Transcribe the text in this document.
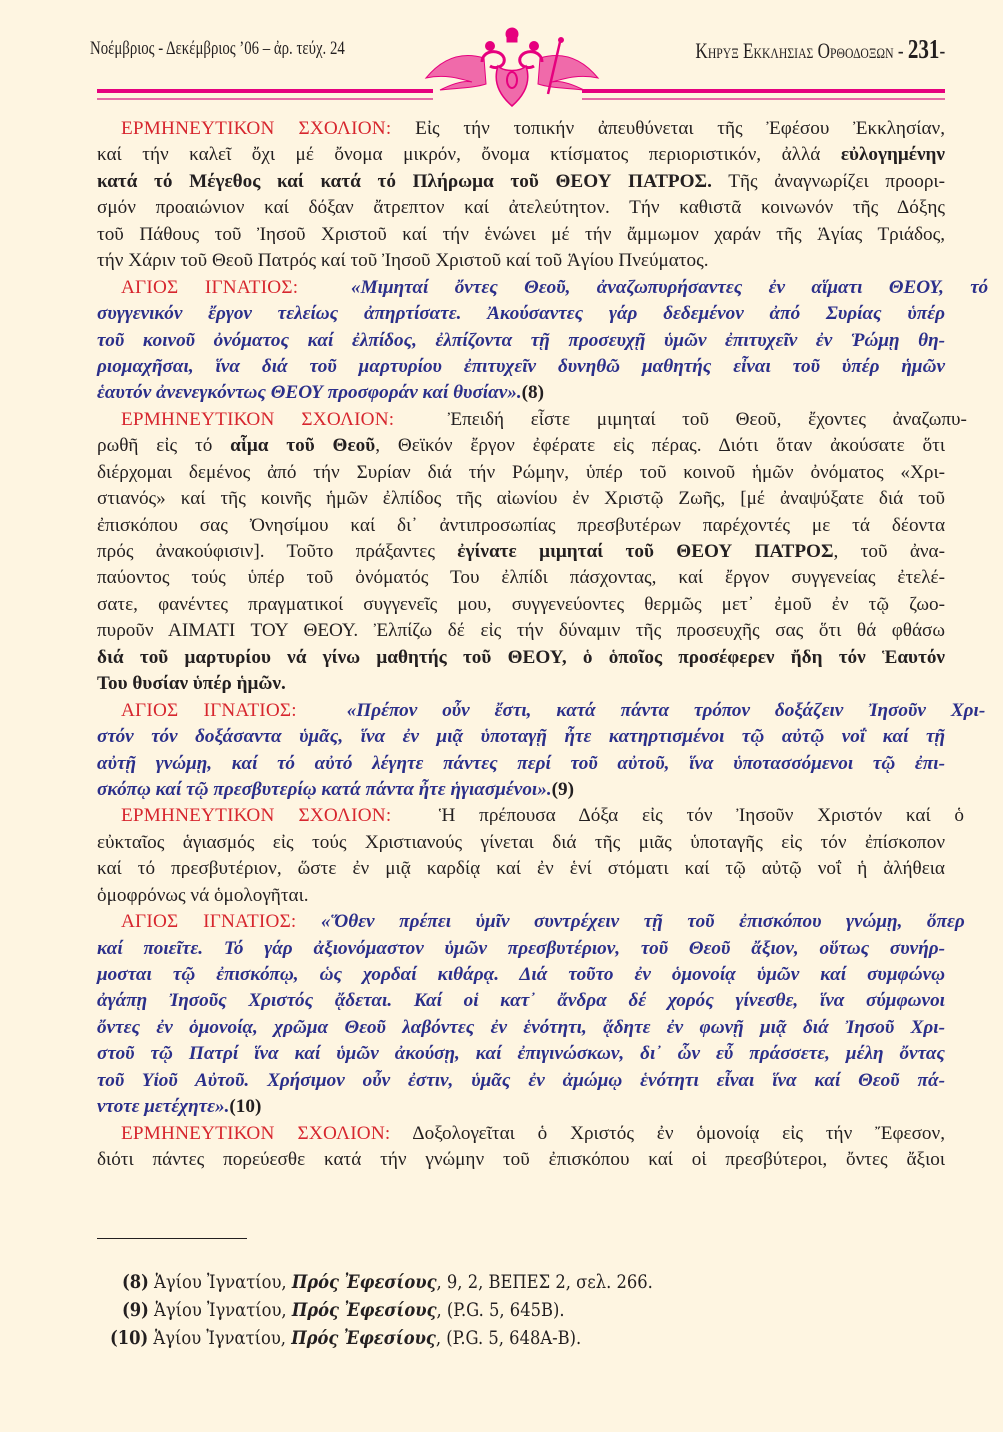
Νοέμβριος - Δεκέμβριος ’06 – ἀρ. τεύχ. 24	Κηρυξ Εκκλησιας Ορθοδοξων - 231-
ΕΡΜΗΝΕΥΤΙΚΟΝ ΣΧΟΛΙΟΝ: Εἰς τήν τοπικήν ἀπευθύνεται τῆς Ἐφέσου Ἐκκλησίαν,
καί τήν καλεῖ ὄχι μέ ὄνομα μικρόν, ὄνομα κτίσματος περιοριστικόν, ἀλλά εὐλογημένην
κατά τό Μέγεθος καί κατά τό Πλήρωμα τοῦ ΘΕΟΥ ΠΑΤΡΟΣ. Τῆς ἀναγνωρίζει προορι-
σμόν προαιώνιον καί δόξαν ἄτρεπτον καί ἀτελεύτητον. Τήν καθιστᾶ κοινωνόν τῆς Δόξης
τοῦ Πάθους τοῦ Ἰησοῦ Χριστοῦ καί τήν ἑνώνει μέ τήν ἄμμωμον χαράν τῆς Ἁγίας Τριάδος,
τήν Χάριν τοῦ Θεοῦ Πατρός καί τοῦ Ἰησοῦ Χριστοῦ καί τοῦ Ἁγίου Πνεύματος.
ΑΓΙΟΣ ΙΓΝΑΤΙΟΣ:	«Μιμηταί ὄντες Θεοῦ, ἀναζωπυρήσαντες ἐν αἵματι ΘΕΟΥ, τό
συγγενικόν ἔργον τελείως ἀπηρτίσατε. Ἀκούσαντες γάρ δεδεμένον ἀπό Συρίας ὑπέρ
τοῦ κοινοῦ ὀνόματος καί ἐλπίδος, ἐλπίζοντα τῇ προσευχῇ ὑμῶν ἐπιτυχεῖν ἐν Ῥώμῃ θη-
ριομαχῆσαι, ἵνα διά τοῦ μαρτυρίου ἐπιτυχεῖν δυνηθῶ μαθητής εἶναι τοῦ ὑπέρ ἡμῶν
ἑαυτόν ἀνενεγκόντως ΘΕΟΥ προσφοράν καί θυσίαν».(8)
ΕΡΜΗΝΕΥΤΙΚΟΝ ΣΧΟΛΙΟΝ:  Ἐπειδή εἶστε μιμηταί τοῦ Θεοῦ, ἔχοντες ἀναζωπυ-
ρωθῆ εἰς τό αἷμα τοῦ Θεοῦ, Θεϊκόν ἔργον ἐφέρατε εἰς πέρας. Διότι ὅταν ἀκούσατε ὅτι
διέρχομαι δεμένος ἀπό τήν Συρίαν διά τήν Ρώμην, ὑπέρ τοῦ κοινοῦ ἡμῶν ὀνόματος «Χρι-
στιανός» καί τῆς κοινῆς ἡμῶν ἐλπίδος τῆς αἰωνίου ἐν Χριστῷ Ζωῆς, [μέ ἀναψύξατε διά τοῦ
ἐπισκόπου σας Ὀνησίμου καί δι᾽ ἀντιπροσωπίας πρεσβυτέρων παρέχοντές με τά δέοντα
πρός ἀνακούφισιν]. Τοῦτο πράξαντες ἐγίνατε μιμηταί τοῦ ΘΕΟΥ ΠΑΤΡΟΣ, τοῦ ἀνα-
παύοντος τούς ὑπέρ τοῦ ὀνόματός Του ἐλπίδι πάσχοντας, καί ἔργον συγγενείας ἐτελέ-
σατε, φανέντες πραγματικοί συγγενεῖς μου, συγγενεύοντες θερμῶς μετ᾽ ἐμοῦ ἐν τῷ ζωο-
πυροῦν ΑΙΜΑΤΙ ΤΟΥ ΘΕΟΥ. Ἐλπίζω δέ εἰς τήν δύναμιν τῆς προσευχῆς σας ὅτι θά φθάσω
διά τοῦ μαρτυρίου νά γίνω μαθητής τοῦ ΘΕΟΥ, ὁ ὁποῖος προσέφερεν ἤδη τόν Ἑαυτόν
Του θυσίαν ὑπέρ ἡμῶν.
ΑΓΙΟΣ ΙΓΝΑΤΙΟΣ:	«Πρέπον οὖν ἔστι, κατά πάντα τρόπον δοξάζειν Ἰησοῦν Χρι-
στόν τόν δοξάσαντα ὑμᾶς, ἵνα ἐν μιᾷ ὑποταγῇ ἦτε κατηρτισμένοι τῷ αὐτῷ νοΐ καί τῇ
αὐτῇ γνώμῃ, καί τό αὐτό λέγητε πάντες περί τοῦ αὐτοῦ, ἵνα ὑποτασσόμενοι τῷ ἐπι-
σκόπῳ καί τῷ πρεσβυτερίῳ κατά πάντα ἦτε ἡγιασμένοι».(9)
ΕΡΜΗΝΕΥΤΙΚΟΝ ΣΧΟΛΙΟΝ:  Ἡ πρέπουσα Δόξα εἰς τόν Ἰησοῦν Χριστόν καί ὁ
εὐκταῖος ἁγιασμός εἰς τούς Χριστιανούς γίνεται διά τῆς μιᾶς ὑποταγῆς εἰς τόν ἐπίσκοπον
καί τό πρεσβυτέριον, ὥστε ἐν μιᾷ καρδίᾳ καί ἐν ἑνί στόματι καί τῷ αὐτῷ νοΐ ἡ ἀλήθεια
ὁμοφρόνως νά ὁμολογῆται.
ΑΓΙΟΣ ΙΓΝΑΤΙΟΣ: «Ὅθεν πρέπει ὑμῖν συντρέχειν τῇ τοῦ ἐπισκόπου γνώμῃ, ὅπερ
καί ποιεῖτε. Τό γάρ ἀξιονόμαστον ὑμῶν πρεσβυτέριον, τοῦ Θεοῦ ἄξιον, οὕτως συνήρ-
μοσται τῷ ἐπισκόπῳ, ὡς χορδαί κιθάρᾳ. Διά τοῦτο ἐν ὁμονοίᾳ ὑμῶν καί συμφώνῳ
ἀγάπῃ Ἰησοῦς Χριστός ᾄδεται. Καί οἱ κατ᾽ ἄνδρα δέ χορός γίνεσθε, ἵνα σύμφωνοι
ὄντες ἐν ὁμονοίᾳ, χρῶμα Θεοῦ λαβόντες ἐν ἑνότητι, ᾄδητε ἐν φωνῇ μιᾷ διά Ἰησοῦ Χρι-
στοῦ τῷ Πατρί ἵνα καί ὑμῶν ἀκούσῃ, καί ἐπιγινώσκων, δι᾽ ὧν εὖ πράσσετε, μέλη ὄντας
τοῦ Υἱοῦ Αὐτοῦ. Χρήσιμον οὖν ἐστιν, ὑμᾶς ἐν ἀμώμῳ ἑνότητι εἶναι ἵνα καί Θεοῦ πά-
ντοτε μετέχητε».(10)
ΕΡΜΗΝΕΥΤΙΚΟΝ ΣΧΟΛΙΟΝ: Δοξολογεῖται ὁ Χριστός ἐν ὁμονοίᾳ εἰς τήν Ἔφεσον,
διότι πάντες πορεύεσθε κατά τήν γνώμην τοῦ ἐπισκόπου καί οἱ πρεσβύτεροι, ὄντες ἄξιοι
(8) Ἁγίου Ἰγνατίου, Πρός Ἐφεσίους, 9, 2, ΒΕΠΕΣ 2, σελ. 266.
(9) Ἁγίου Ἰγνατίου, Πρός Ἐφεσίους, (P.G. 5, 645B).
(10) Ἁγίου Ἰγνατίου, Πρός Ἐφεσίους, (P.G. 5, 648A-B).
